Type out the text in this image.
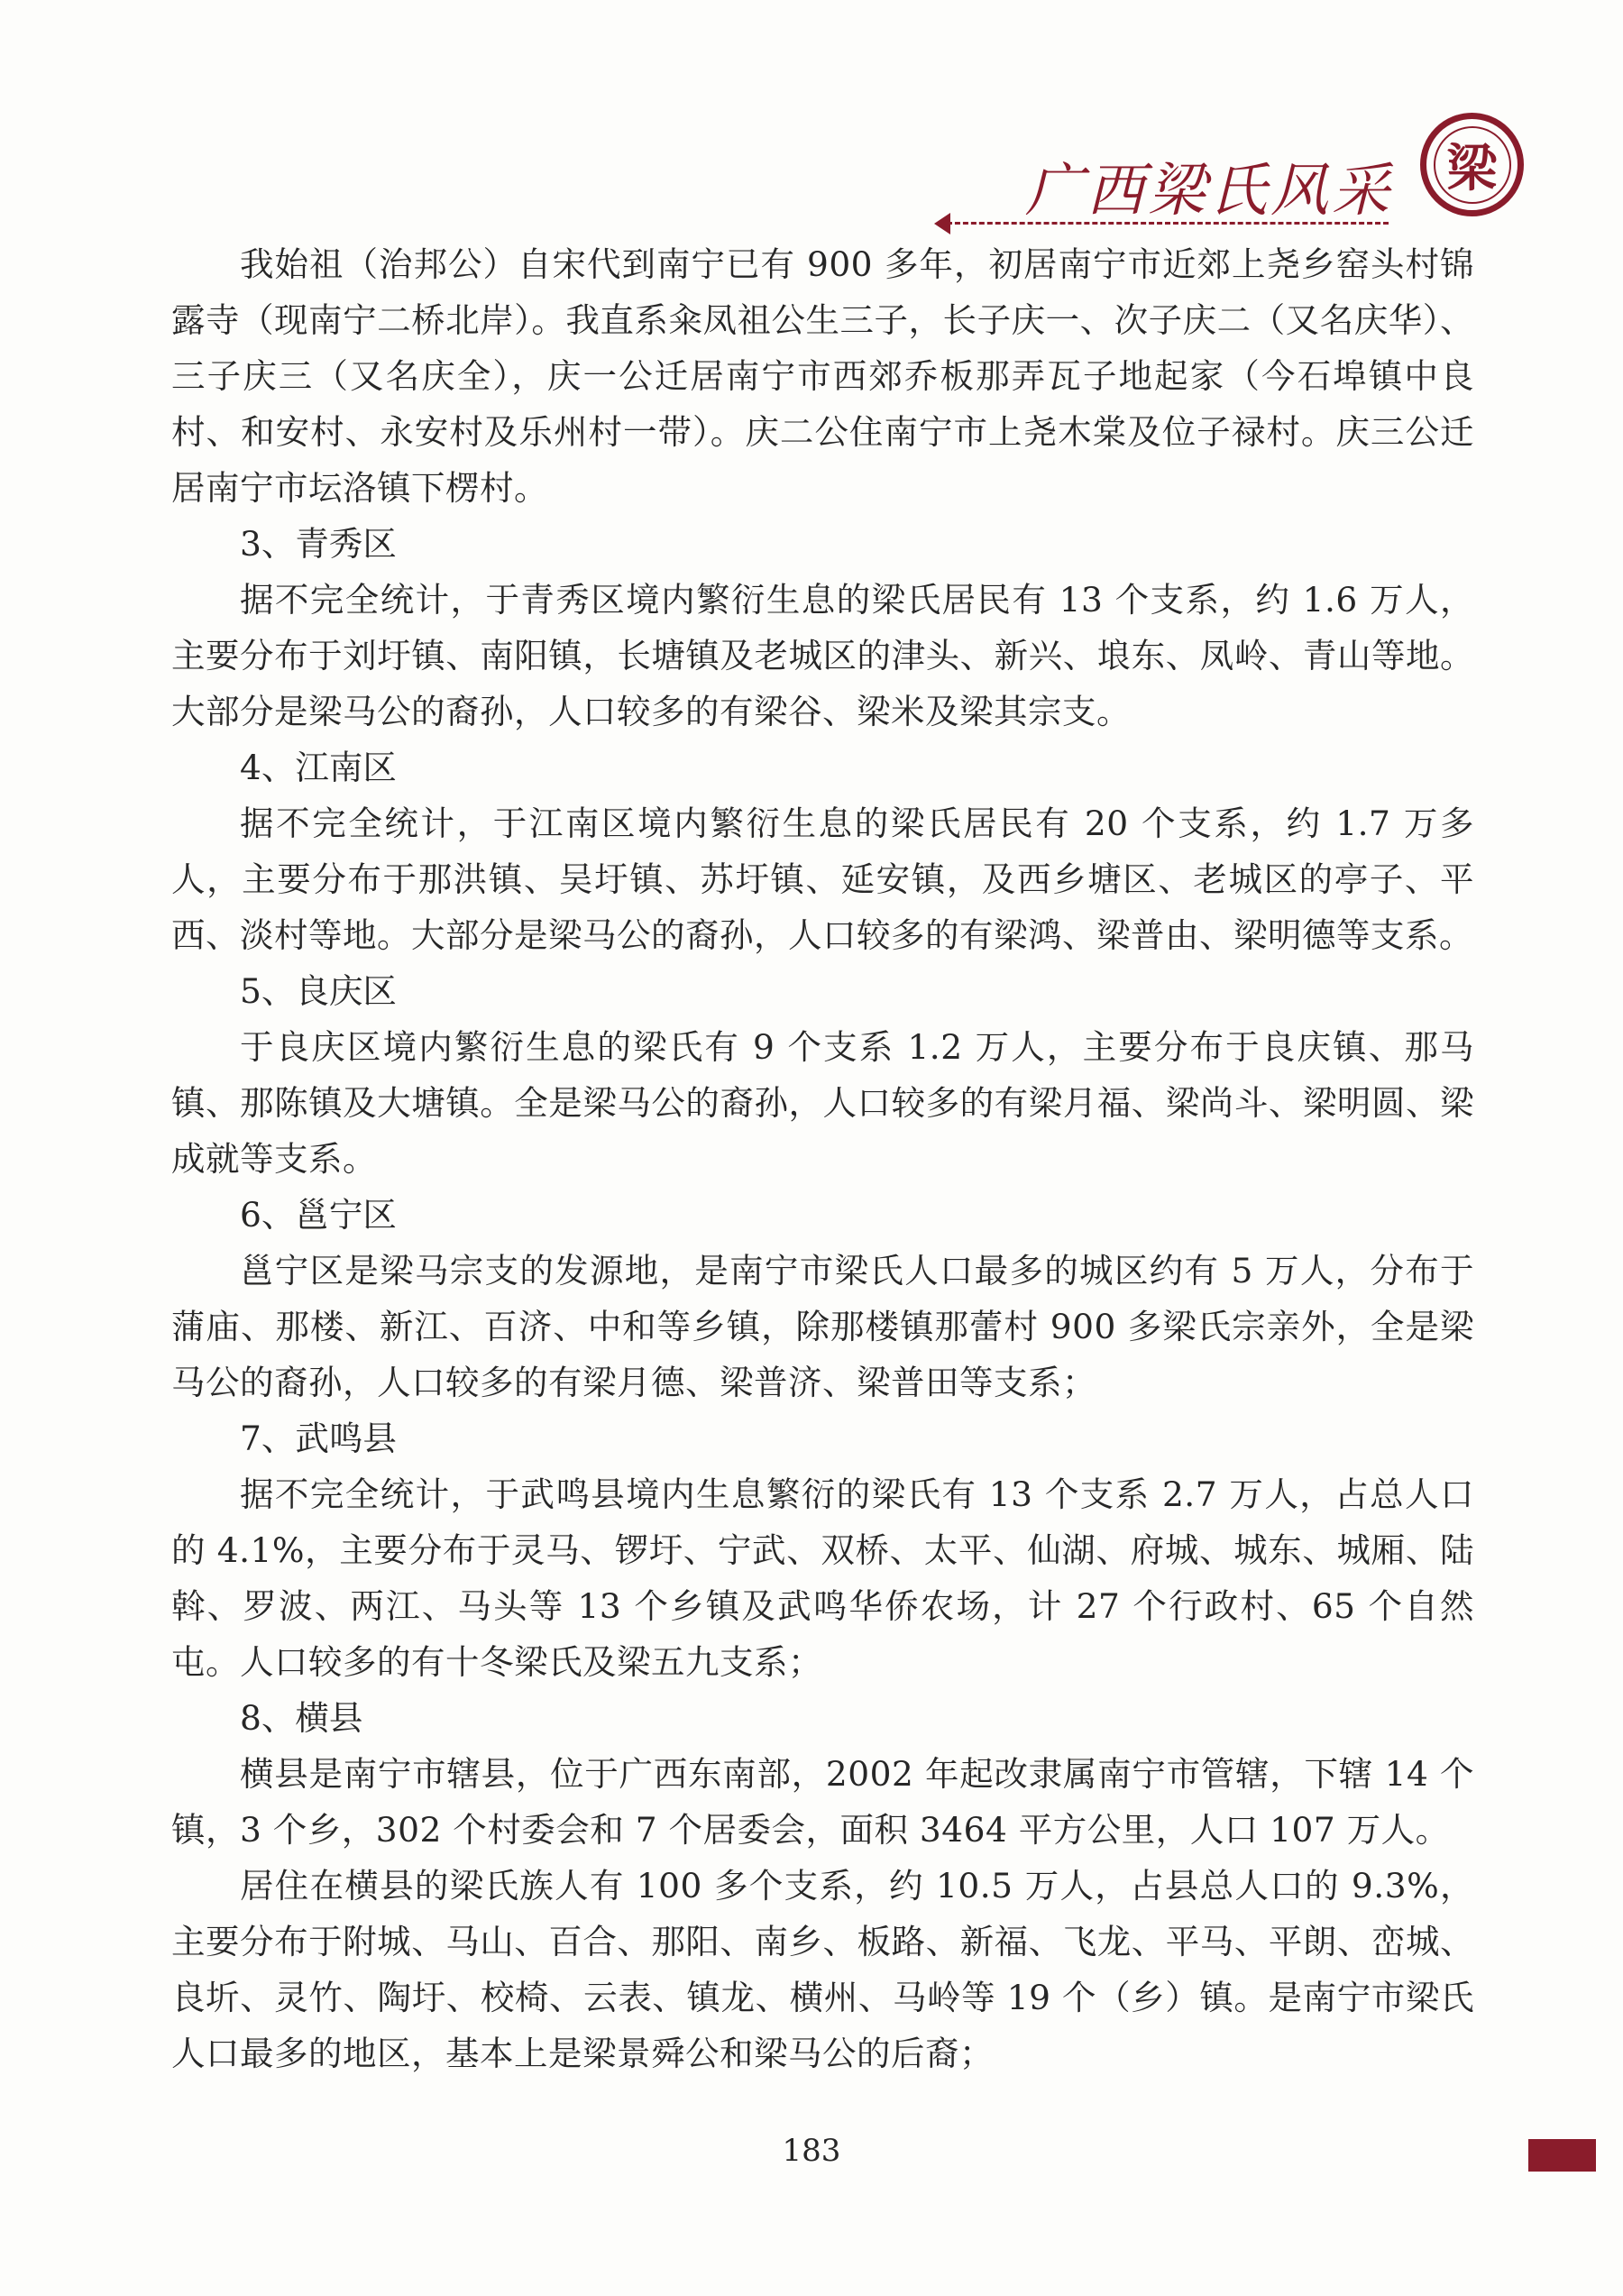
广西梁氏风采 梁

我始祖（治邦公）自宋代到南宁已有 900 多年，初居南宁市近郊上尧乡窑头村锦露寺（现南宁二桥北岸）。我直系籴凤祖公生三子，长子庆一、次子庆二（又名庆华）、三子庆三（又名庆全），庆一公迁居南宁市西郊乔板那弄瓦子地起家（今石埠镇中良村、和安村、永安村及乐州村一带）。庆二公住南宁市上尧木棠及位子禄村。庆三公迁居南宁市坛洛镇下楞村。

3、青秀区

据不完全统计，于青秀区境内繁衍生息的梁氏居民有 13 个支系，约 1.6 万人，主要分布于刘圩镇、南阳镇，长塘镇及老城区的津头、新兴、埌东、凤岭、青山等地。大部分是梁马公的裔孙，人口较多的有梁谷、梁米及梁其宗支。

4、江南区

据不完全统计，于江南区境内繁衍生息的梁氏居民有 20 个支系，约 1.7 万多人，主要分布于那洪镇、吴圩镇、苏圩镇、延安镇，及西乡塘区、老城区的亭子、平西、淡村等地。大部分是梁马公的裔孙，人口较多的有梁鸿、梁普由、梁明德等支系。

5、良庆区

于良庆区境内繁衍生息的梁氏有 9 个支系 1.2 万人，主要分布于良庆镇、那马镇、那陈镇及大塘镇。全是梁马公的裔孙，人口较多的有梁月福、梁尚斗、梁明圆、梁成就等支系。

6、邕宁区

邕宁区是梁马宗支的发源地，是南宁市梁氏人口最多的城区约有 5 万人，分布于蒲庙、那楼、新江、百济、中和等乡镇，除那楼镇那蕾村 900 多梁氏宗亲外，全是梁马公的裔孙，人口较多的有梁月德、梁普济、梁普田等支系；

7、武鸣县

据不完全统计，于武鸣县境内生息繁衍的梁氏有 13 个支系 2.7 万人，占总人口的 4.1%，主要分布于灵马、锣圩、宁武、双桥、太平、仙湖、府城、城东、城厢、陆斡、罗波、两江、马头等 13 个乡镇及武鸣华侨农场，计 27 个行政村、65 个自然屯。人口较多的有十冬梁氏及梁五九支系；

8、横县

横县是南宁市辖县，位于广西东南部，2002 年起改隶属南宁市管辖，下辖 14 个镇，3 个乡，302 个村委会和 7 个居委会，面积 3464 平方公里，人口 107 万人。

居住在横县的梁氏族人有 100 多个支系，约 10.5 万人，占县总人口的 9.3%，主要分布于附城、马山、百合、那阳、南乡、板路、新福、飞龙、平马、平朗、峦城、良圻、灵竹、陶圩、校椅、云表、镇龙、横州、马岭等 19 个（乡）镇。是南宁市梁氏人口最多的地区，基本上是梁景舜公和梁马公的后裔；

183
